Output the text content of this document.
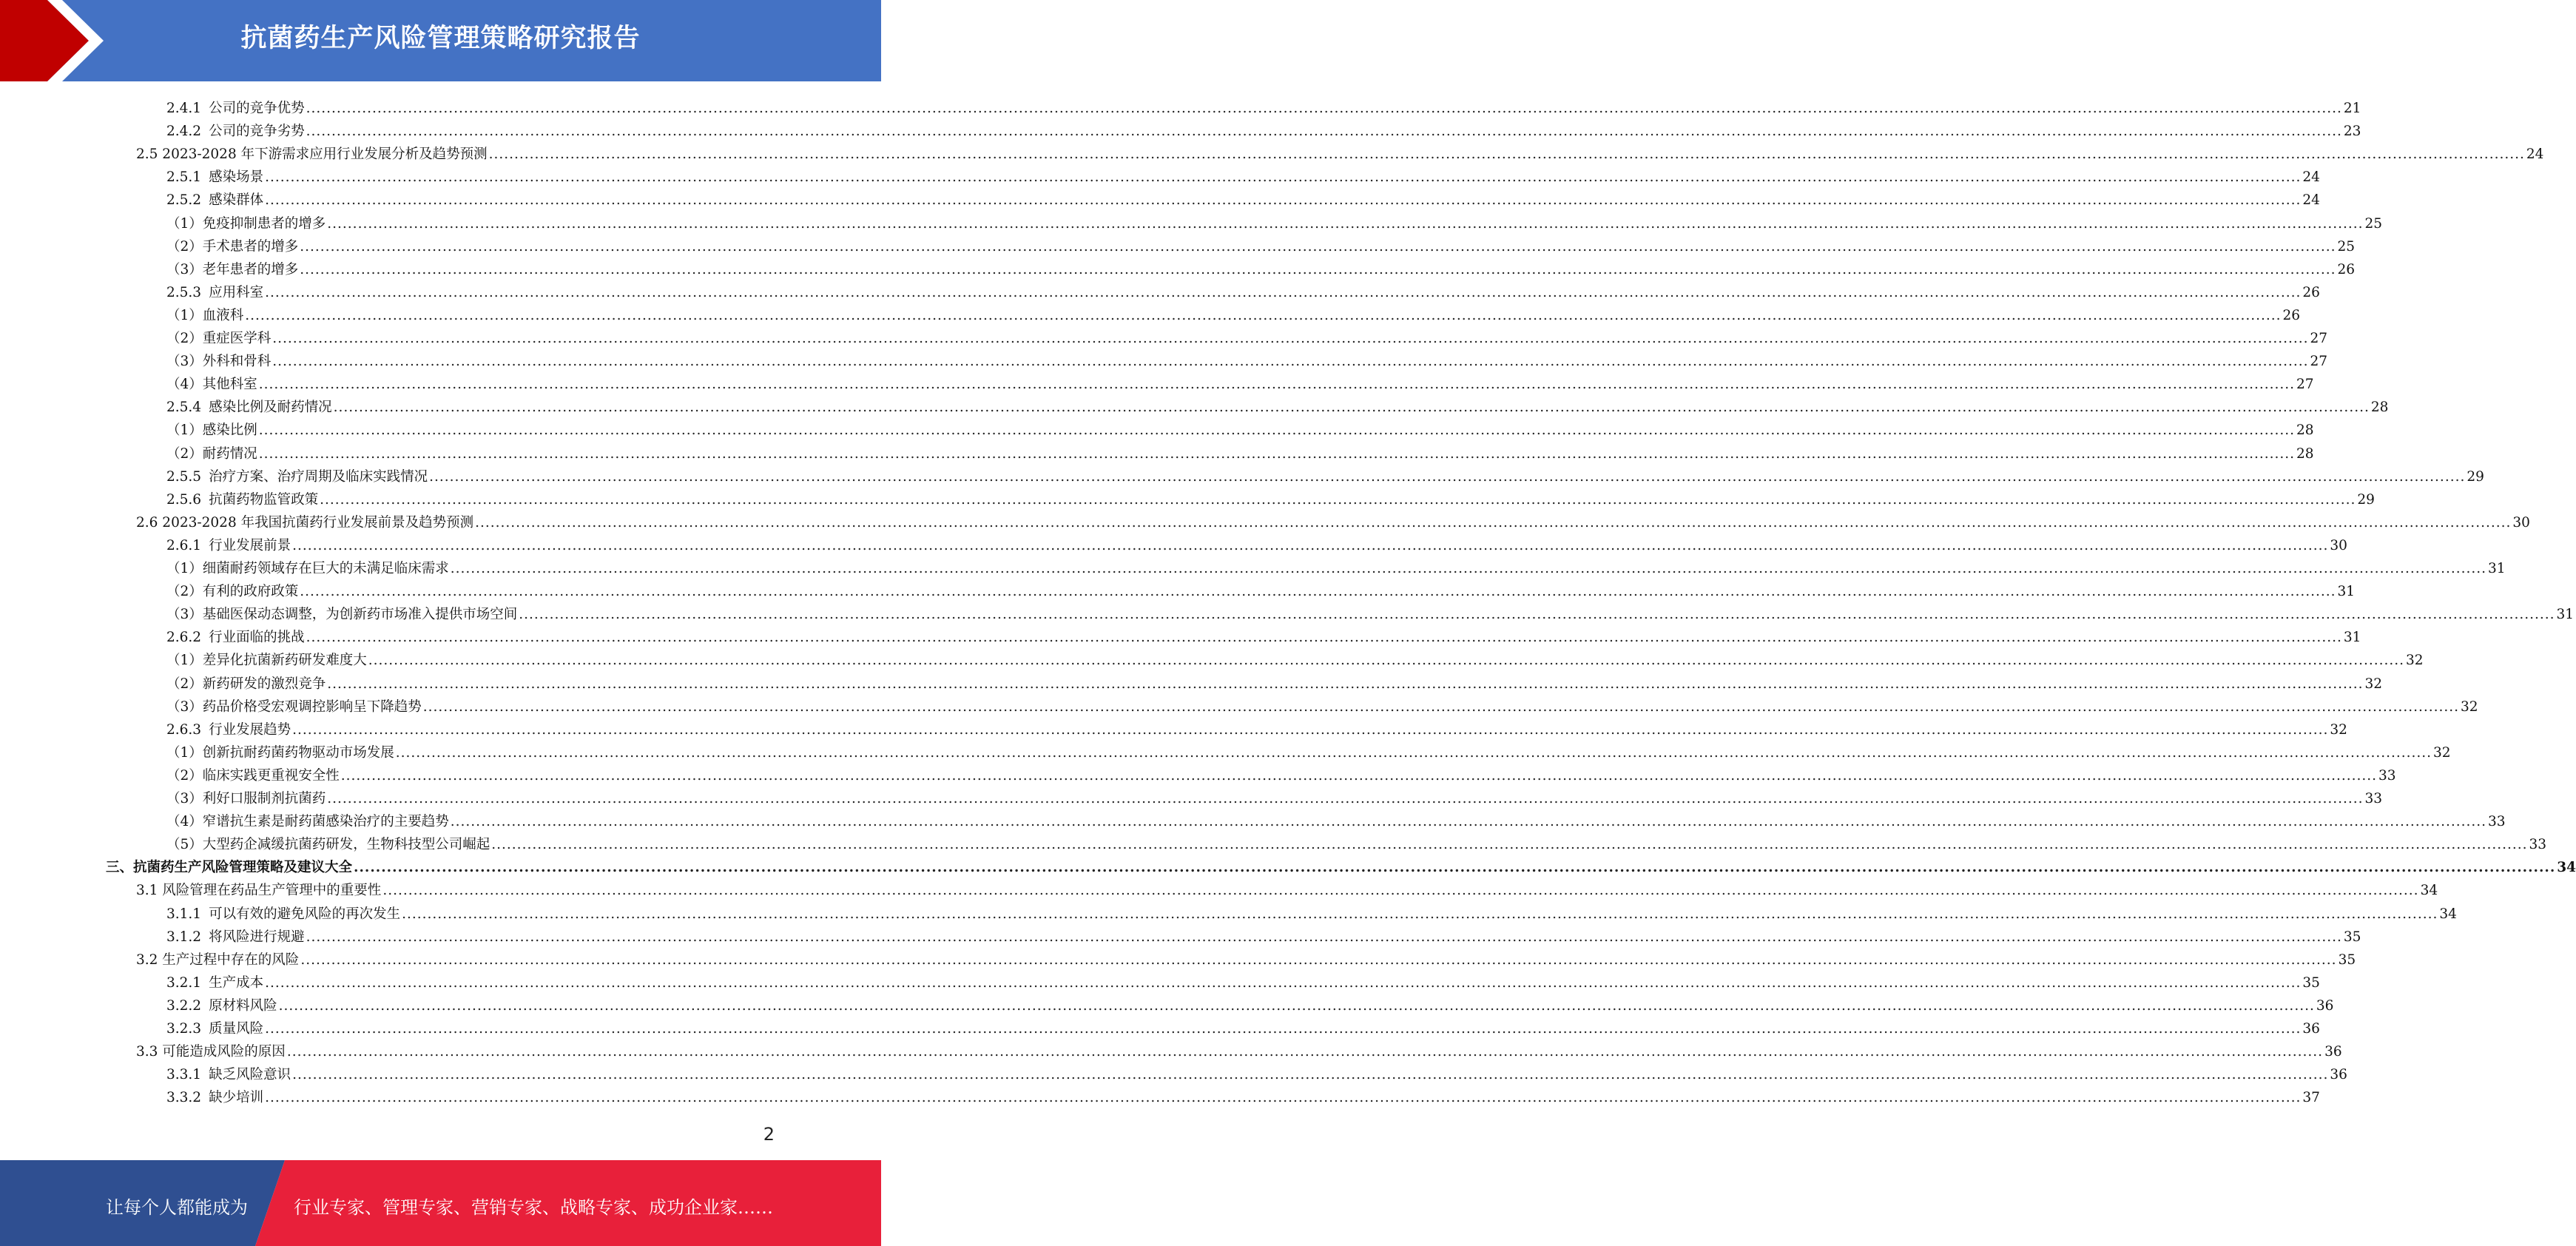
抗菌药生产风险管理策略研究报告
2.4.1 公司的竞争优势 ................................................................................................................................................................................................................................................................................................................................................................................................................ 21
2.4.2 公司的竞争劣势 ................................................................................................................................................................................................................................................................................................................................................................................................................ 23
2.5 2023-2028 年下游需求应用行业发展分析及趋势预测 ................................................................................................................................................................................................................................................................................................................................................................................................................ 24
2.5.1 感染场景 ................................................................................................................................................................................................................................................................................................................................................................................................................ 24
2.5.2 感染群体 ................................................................................................................................................................................................................................................................................................................................................................................................................ 24
（1）免疫抑制患者的增多 ................................................................................................................................................................................................................................................................................................................................................................................................................ 25
（2）手术患者的增多 ................................................................................................................................................................................................................................................................................................................................................................................................................ 25
（3）老年患者的增多 ................................................................................................................................................................................................................................................................................................................................................................................................................ 26
2.5.3 应用科室 ................................................................................................................................................................................................................................................................................................................................................................................................................ 26
（1）血液科 ................................................................................................................................................................................................................................................................................................................................................................................................................ 26
（2）重症医学科 ................................................................................................................................................................................................................................................................................................................................................................................................................ 27
（3）外科和骨科 ................................................................................................................................................................................................................................................................................................................................................................................................................ 27
（4）其他科室 ................................................................................................................................................................................................................................................................................................................................................................................................................ 27
2.5.4 感染比例及耐药情况 ................................................................................................................................................................................................................................................................................................................................................................................................................ 28
（1）感染比例 ................................................................................................................................................................................................................................................................................................................................................................................................................ 28
（2）耐药情况 ................................................................................................................................................................................................................................................................................................................................................................................................................ 28
2.5.5 治疗方案、治疗周期及临床实践情况 ................................................................................................................................................................................................................................................................................................................................................................................................................ 29
2.5.6 抗菌药物监管政策 ................................................................................................................................................................................................................................................................................................................................................................................................................ 29
2.6 2023-2028 年我国抗菌药行业发展前景及趋势预测 ................................................................................................................................................................................................................................................................................................................................................................................................................ 30
2.6.1 行业发展前景 ................................................................................................................................................................................................................................................................................................................................................................................................................ 30
（1）细菌耐药领域存在巨大的未满足临床需求 ................................................................................................................................................................................................................................................................................................................................................................................................................ 31
（2）有利的政府政策 ................................................................................................................................................................................................................................................................................................................................................................................................................ 31
（3）基础医保动态调整，为创新药市场准入提供市场空间 ................................................................................................................................................................................................................................................................................................................................................................................................................ 31
2.6.2 行业面临的挑战 ................................................................................................................................................................................................................................................................................................................................................................................................................ 31
（1）差异化抗菌新药研发难度大 ................................................................................................................................................................................................................................................................................................................................................................................................................ 32
（2）新药研发的激烈竞争 ................................................................................................................................................................................................................................................................................................................................................................................................................ 32
（3）药品价格受宏观调控影响呈下降趋势 ................................................................................................................................................................................................................................................................................................................................................................................................................ 32
2.6.3 行业发展趋势 ................................................................................................................................................................................................................................................................................................................................................................................................................ 32
（1）创新抗耐药菌药物驱动市场发展 ................................................................................................................................................................................................................................................................................................................................................................................................................ 32
（2）临床实践更重视安全性 ................................................................................................................................................................................................................................................................................................................................................................................................................ 33
（3）利好口服制剂抗菌药 ................................................................................................................................................................................................................................................................................................................................................................................................................ 33
（4）窄谱抗生素是耐药菌感染治疗的主要趋势 ................................................................................................................................................................................................................................................................................................................................................................................................................ 33
（5）大型药企减缓抗菌药研发，生物科技型公司崛起 ................................................................................................................................................................................................................................................................................................................................................................................................................ 33
三、抗菌药生产风险管理策略及建议大全 ................................................................................................................................................................................................................................................................................................................................................................................................................ 34
3.1 风险管理在药品生产管理中的重要性 ................................................................................................................................................................................................................................................................................................................................................................................................................ 34
3.1.1 可以有效的避免风险的再次发生 ................................................................................................................................................................................................................................................................................................................................................................................................................ 34
3.1.2 将风险进行规避 ................................................................................................................................................................................................................................................................................................................................................................................................................ 35
3.2 生产过程中存在的风险 ................................................................................................................................................................................................................................................................................................................................................................................................................ 35
3.2.1 生产成本 ................................................................................................................................................................................................................................................................................................................................................................................................................ 35
3.2.2 原材料风险 ................................................................................................................................................................................................................................................................................................................................................................................................................ 36
3.2.3 质量风险 ................................................................................................................................................................................................................................................................................................................................................................................................................ 36
3.3 可能造成风险的原因 ................................................................................................................................................................................................................................................................................................................................................................................................................ 36
3.3.1 缺乏风险意识 ................................................................................................................................................................................................................................................................................................................................................................................................................ 36
3.3.2 缺少培训 ................................................................................................................................................................................................................................................................................................................................................................................................................ 37
2
让每个人都能成为	行业专家、管理专家、营销专家、战略专家、成功企业家……
